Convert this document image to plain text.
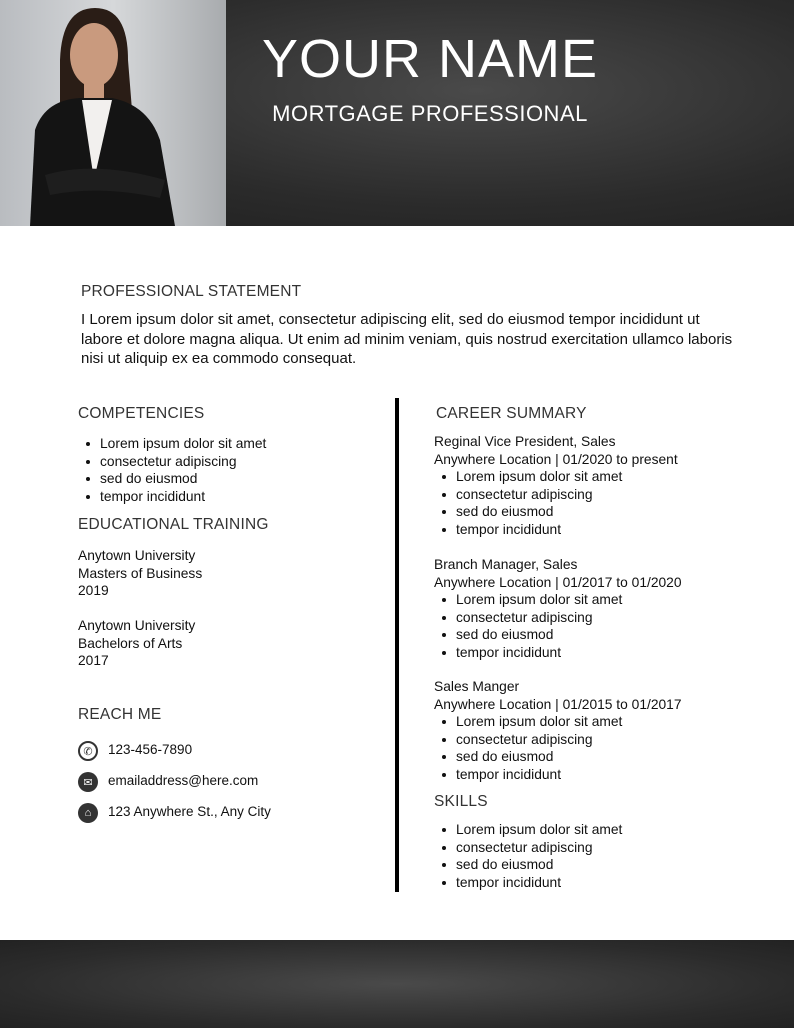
YOUR NAME
MORTGAGE PROFESSIONAL
PROFESSIONAL STATEMENT
I Lorem ipsum dolor sit amet, consectetur adipiscing elit, sed do eiusmod tempor incididunt ut labore et dolore magna aliqua. Ut enim ad minim veniam, quis nostrud exercitation ullamco laboris nisi ut aliquip ex ea commodo consequat.
COMPETENCIES
Lorem ipsum dolor sit amet
consectetur adipiscing
sed do eiusmod
tempor incididunt
EDUCATIONAL TRAINING
Anytown University
Masters of Business
2019
Anytown University
Bachelors of Arts
2017
REACH ME
✆	123-456-7890
✉	emailaddress@here.com
⌂	123 Anywhere St., Any City
CAREER SUMMARY
Reginal Vice President, Sales
Anywhere Location | 01/2020 to present
Lorem ipsum dolor sit amet
consectetur adipiscing
sed do eiusmod
tempor incididunt
Branch Manager, Sales
Anywhere Location | 01/2017 to 01/2020
Lorem ipsum dolor sit amet
consectetur adipiscing
sed do eiusmod
tempor incididunt
Sales Manger
Anywhere Location | 01/2015 to 01/2017
Lorem ipsum dolor sit amet
consectetur adipiscing
sed do eiusmod
tempor incididunt
SKILLS
Lorem ipsum dolor sit amet
consectetur adipiscing
sed do eiusmod
tempor incididunt
